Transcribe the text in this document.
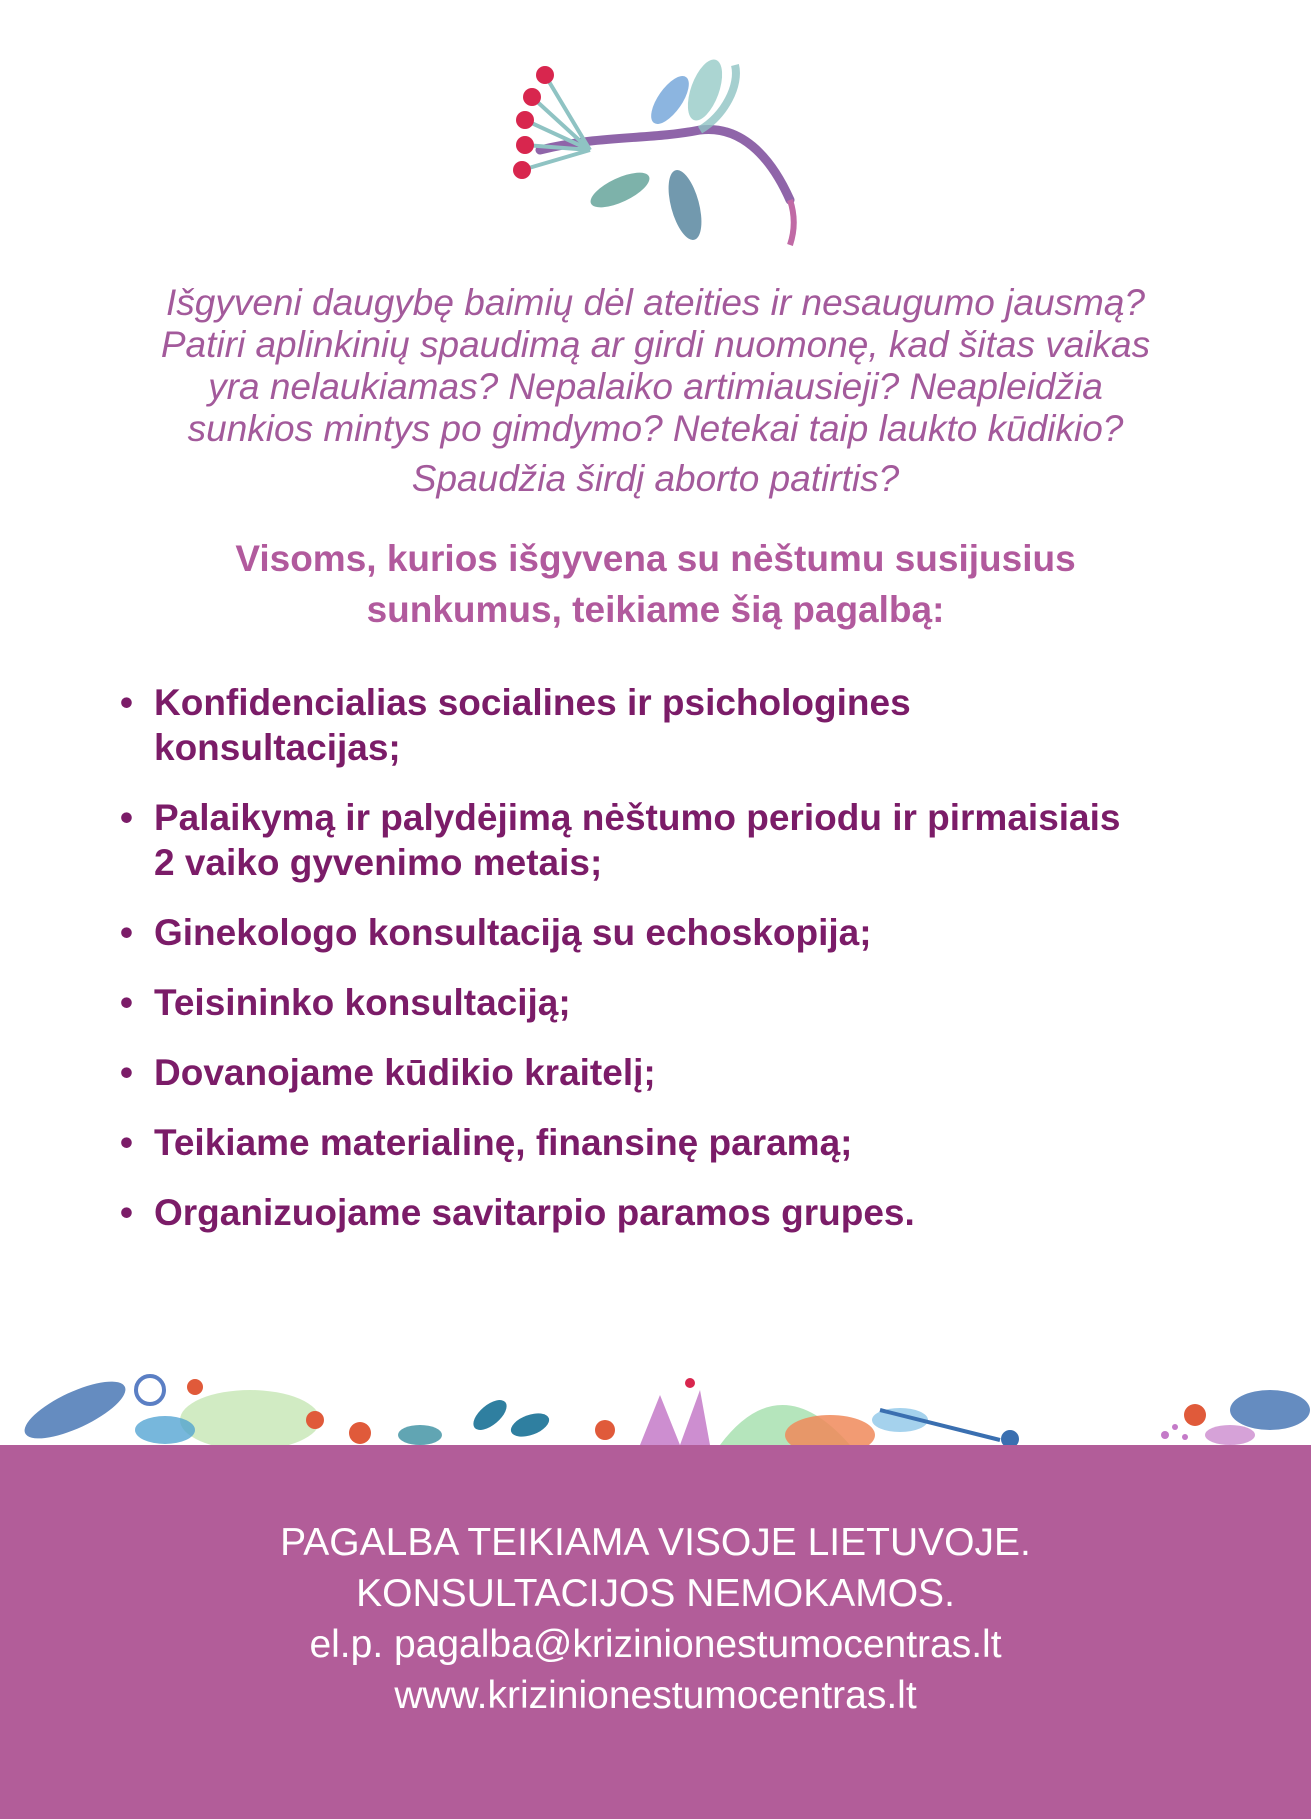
Išgyveni daugybę baimių dėl ateities ir nesaugumo jausmą?

Patiri aplinkinių spaudimą ar girdi nuomonę, kad šitas vaikas

yra nelaukiamas? Nepalaiko artimiausieji? Neapleidžia

sunkios mintys po gimdymo? Netekai taip laukto kūdikio?

Spaudžia širdį aborto patirtis?

Visoms, kurios išgyvena su nėštumu susijusius

sunkumus, teikiame šią pagalbą:

• Konfidencialias socialines ir psichologines
konsultacijas;
• Palaikymą ir palydėjimą nėštumo periodu ir pirmaisiais
2 vaiko gyvenimo metais;
• Ginekologo konsultaciją su echoskopija;
• Teisininko konsultaciją;
• Dovanojame kūdikio kraitelį;
• Teikiame materialinę, finansinę paramą;
• Organizuojame savitarpio paramos grupes.

PAGALBA TEIKIAMA VISOJE LIETUVOJE.

KONSULTACIJOS NEMOKAMOS.

el.p. pagalba@krizinionestumocentras.lt

www.krizinionestumocentras.lt
